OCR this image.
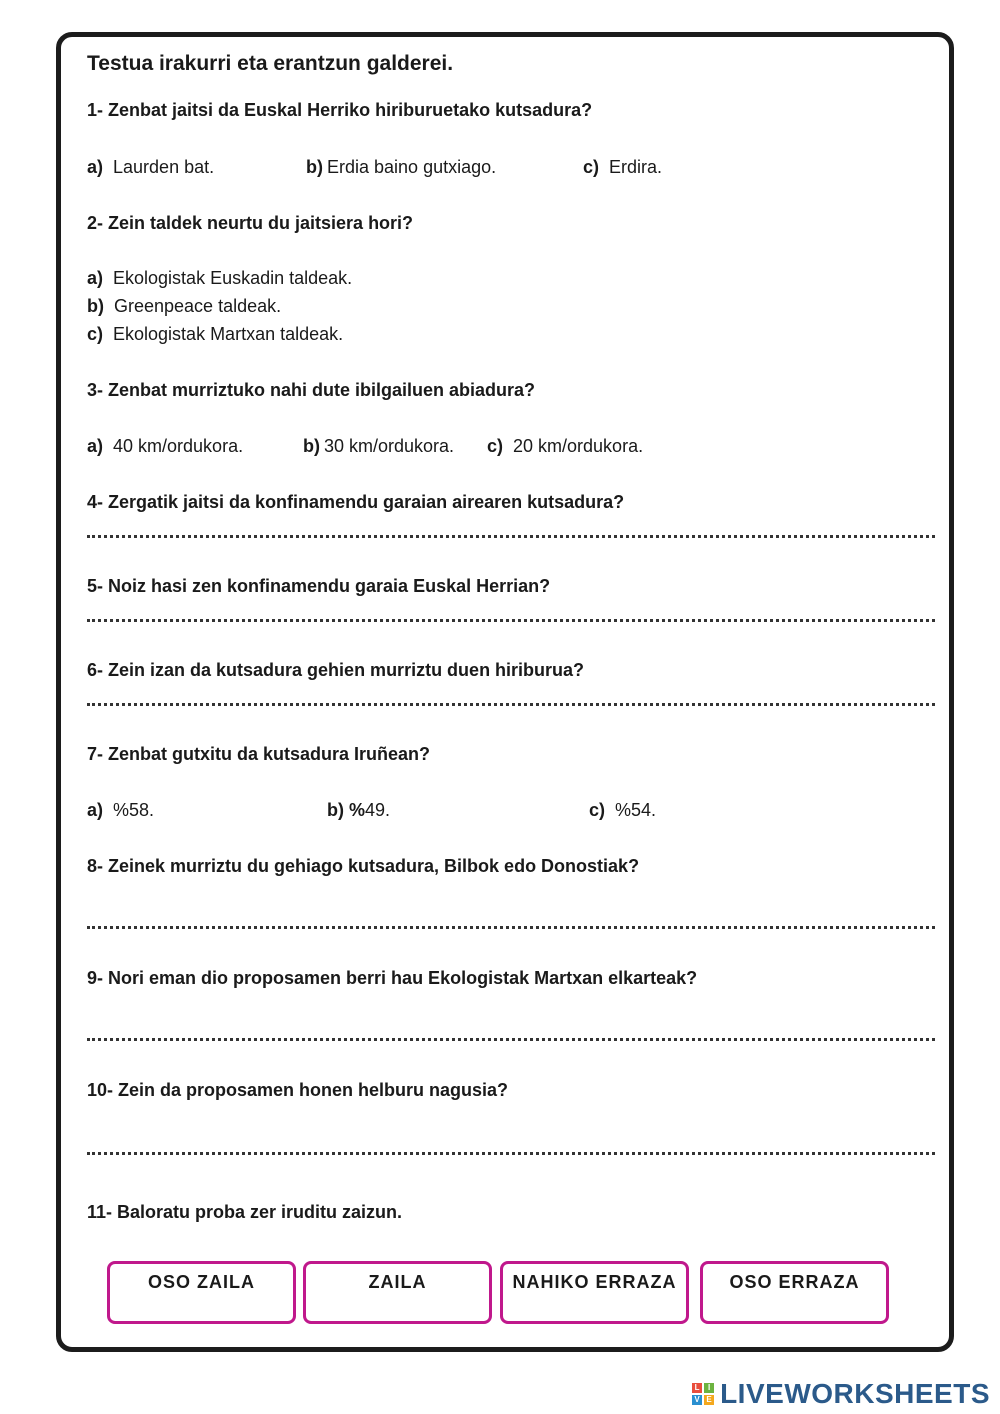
Testua irakurri eta erantzun galderei.
1- Zenbat jaitsi da Euskal Herriko hiriburuetako kutsadura?
a) Laurden bat.	b) Erdia baino gutxiago.	c) Erdira.
2- Zein taldek neurtu du jaitsiera hori?
a) Ekologistak Euskadin taldeak.
b) Greenpeace taldeak.
c) Ekologistak Martxan taldeak.
3- Zenbat murriztuko nahi dute ibilgailuen abiadura?
a) 40 km/ordukora.	b) 30 km/ordukora. c) 20 km/ordukora.
4- Zergatik jaitsi da konfinamendu garaian airearen kutsadura?
5- Noiz hasi zen konfinamendu garaia Euskal Herrian?
6- Zein izan da kutsadura gehien murriztu duen hiriburua?
7- Zenbat gutxitu da kutsadura Iruñean?
a) %58.	b) %49.	c) %54.
8- Zeinek murriztu du gehiago kutsadura, Bilbok edo Donostiak?
9- Nori eman dio proposamen berri hau Ekologistak Martxan elkarteak?
10- Zein da proposamen honen helburu nagusia?
11- Baloratu proba zer iruditu zaizun.
OSO ZAILA	ZAILA	NAHIKO ERRAZA	OSO ERRAZA
L	I
V E LIVEWORKSHEETS
